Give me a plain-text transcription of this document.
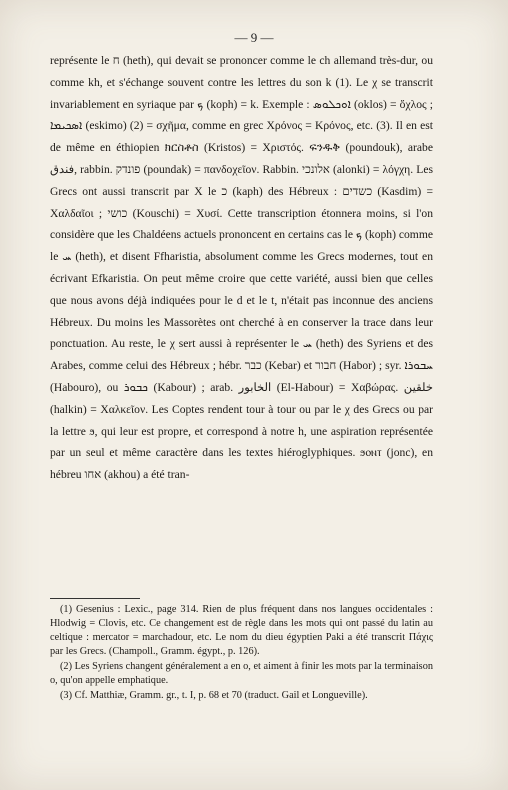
— 9 —

représente le ח (heth), qui devait se prononcer comme le ch allemand très-dur, ou comme kh, et s'échange souvent contre les lettres du son k (1). Le χ se transcrit invariablement en syriaque par ܟ (koph) = k. Exemple : ܐܘܟܠܘܣ (oklos) = ὄχλος ; ܐܣܟܝܡܐ (eskimo) (2) = σχῆμα, comme en grec Χρόνος = Κρόνος, etc. (3). Il en est de même en éthiopien ክርስቶስ (Kristos) = Χριστός. ፍንዱቅ (poundouk), arabe فندق, rabbin. פונדק (poundak) = πανδοχεῖον. Rabbin. אלונכי (alonki) = λόγχη. Les Grecs ont aussi transcrit par X le כ (kaph) des Hébreux : כשדים (Kasdim) = Χαλδαῖοι ; כושי (Kouschi) = Χυσί. Cette transcription étonnera moins, si l'on considère que les Chaldéens actuels prononcent en certains cas le ܟ (koph) comme le ܚ (heth), et disent Ffharistia, absolument comme les Grecs modernes, tout en écrivant Efkaristia. On peut même croire que cette variété, aussi bien que celles que nous avons déjà indiquées pour le d et le t, n'était pas inconnue des anciens Hébreux. Du moins les Massorètes ont cherché à en conserver la trace dans leur ponctuation. Au reste, le χ sert aussi à représenter le ܚ (heth) des Syriens et des Arabes, comme celui des Hébreux ; hébr. כבר (Kebar) et חבור (Habor) ; syr. ܚܒܘܪܐ (Habouro), ou ܟܒܘܪ (Kabour) ; arab. الخابور (El-Habour) = Χαβώρας. خلقين (halkin) = Χαλκεῖον. Les Coptes rendent tour à tour ou par le χ des Grecs ou par la lettre ϧ, qui leur est propre, et correspond à notre h, une aspiration représentée par un seul et même caractère dans les textes hiéroglyphiques. ϧⲟⲛⲧ (jonc), en hébreu אחו (akhou) a été tran-

(1) Gesenius : Lexic., page 314. Rien de plus fréquent dans nos langues occidentales : Hlodwig = Clovis, etc. Ce changement est de règle dans les mots qui ont passé du latin au celtique : mercator = marchadour, etc. Le nom du dieu égyptien Paki a été transcrit Πάχις par les Grecs. (Champoll., Gramm. égypt., p. 126).

(2) Les Syriens changent généralement a en o, et aiment à finir les mots par la terminaison o, qu'on appelle emphatique.

(3) Cf. Matthiæ, Gramm. gr., t. I, p. 68 et 70 (traduct. Gail et Longueville).
